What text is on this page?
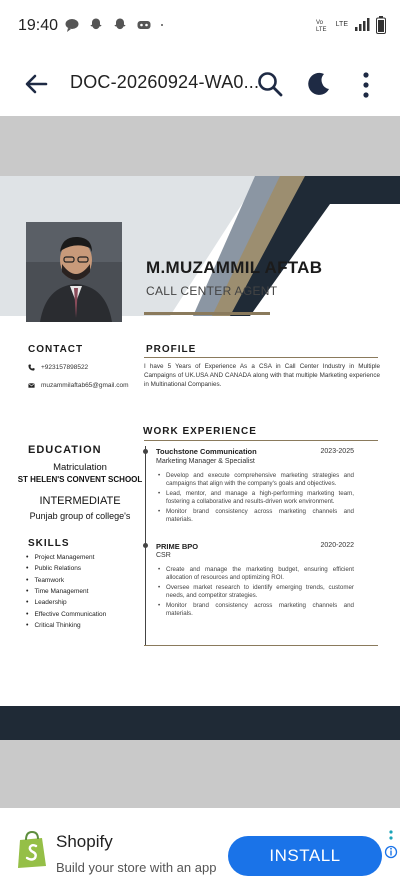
19:40	Vo
LTE
LTE
DOC-20260924-WA0...
M.MUZAMMIL AFTAB
CALL CENTER AGENT
CONTACT
+923157898522
muzammilaftab65@gmail.com
PROFILE
I have 5 Years of Experience As a CSA in Call Center Industry in Multiple Campaigns of UK.USA AND CANADA along with that multiple Marketing experience in Multinational Companies.
EDUCATION
Matriculation
ST HELEN'S CONVENT SCHOOL
INTERMEDIATE
Punjab group of college's
SKILLS
• Project Management
• Public Relations
• Teamwork
• Time Management
• Leadership
• Effective Communication
• Critical Thinking
WORK EXPERIENCE
Touchstone Communication	2023-2025
Marketing Manager & Specialist
• Develop and execute comprehensive marketing strategies and campaigns that align with the company's goals and objectives.
• Lead, mentor, and manage a high-performing marketing team, fostering a collaborative and results-driven work environment.
• Monitor brand consistency across marketing channels and materials.
PRIME BPO	2020-2022
CSR
• Create and manage the marketing budget, ensuring efficient allocation of resources and optimizing ROI.
• Oversee market research to identify emerging trends, customer needs, and competitor strategies.
• Monitor brand consistency across marketing channels and materials.
Shopify
Build your store with an app
INSTALL
